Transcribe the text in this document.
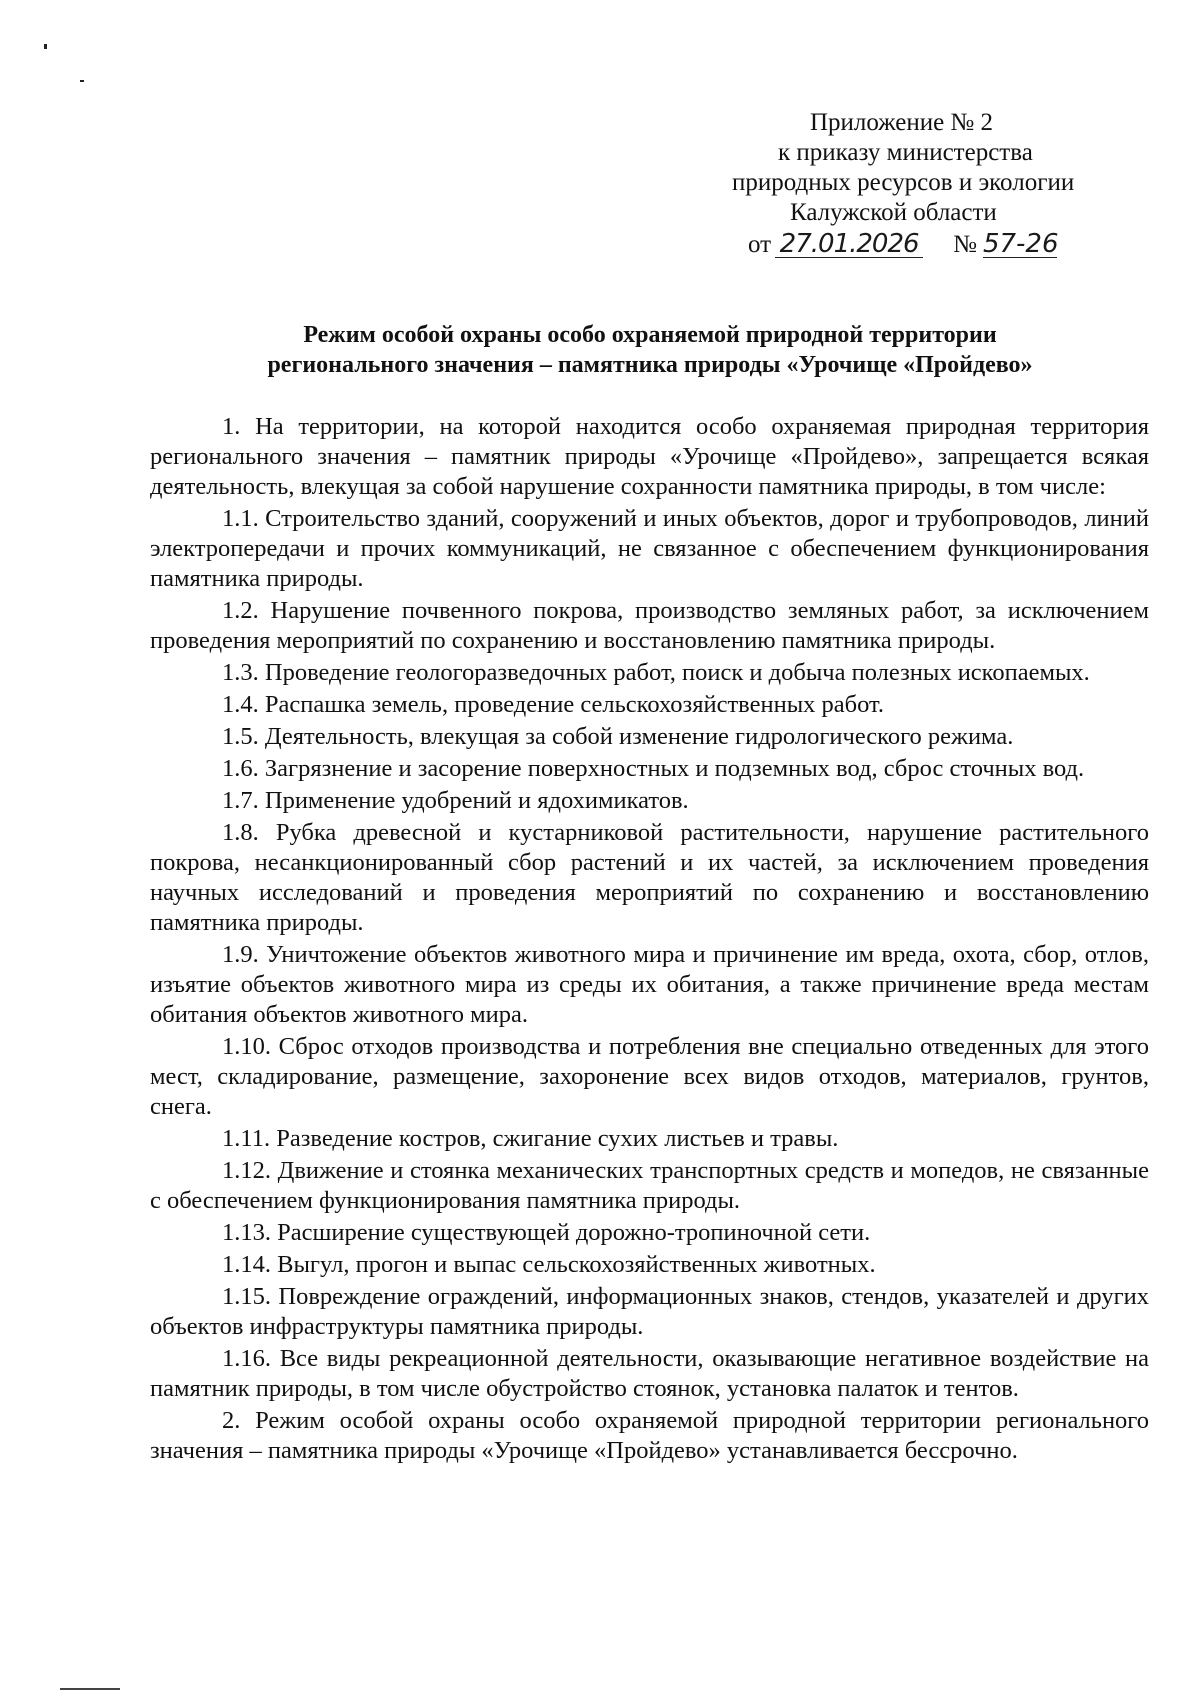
Приложение № 2
к приказу министерства
природных ресурсов и экологии
Калужской области
от 27.01.2026 № 57-26
Режим особой охраны особо охраняемой природной территории
регионального значения – памятника природы «Урочище «Пройдево»

1. На территории, на которой находится особо охраняемая природная территория регионального значения – памятник природы «Урочище «Пройдево», запрещается всякая деятельность, влекущая за собой нарушение сохранности памятника природы, в том числе:

1.1. Строительство зданий, сооружений и иных объектов, дорог и трубопроводов, линий электропередачи и прочих коммуникаций, не связанное с обеспечением функционирования памятника природы.

1.2. Нарушение почвенного покрова, производство земляных работ, за исключением проведения мероприятий по сохранению и восстановлению памятника природы.

1.3. Проведение геологоразведочных работ, поиск и добыча полезных ископаемых.

1.4. Распашка земель, проведение сельскохозяйственных работ.

1.5. Деятельность, влекущая за собой изменение гидрологического режима.

1.6. Загрязнение и засорение поверхностных и подземных вод, сброс сточных вод.

1.7. Применение удобрений и ядохимикатов.

1.8. Рубка древесной и кустарниковой растительности, нарушение растительного покрова, несанкционированный сбор растений и их частей, за исключением проведения научных исследований и проведения мероприятий по сохранению и восстановлению памятника природы.

1.9. Уничтожение объектов животного мира и причинение им вреда, охота, сбор, отлов, изъятие объектов животного мира из среды их обитания, а также причинение вреда местам обитания объектов животного мира.

1.10. Сброс отходов производства и потребления вне специально отведенных для этого мест, складирование, размещение, захоронение всех видов отходов, материалов, грунтов, снега.

1.11. Разведение костров, сжигание сухих листьев и травы.

1.12. Движение и стоянка механических транспортных средств и мопедов, не связанные с обеспечением функционирования памятника природы.

1.13. Расширение существующей дорожно-тропиночной сети.

1.14. Выгул, прогон и выпас сельскохозяйственных животных.

1.15. Повреждение ограждений, информационных знаков, стендов, указателей и других объектов инфраструктуры памятника природы.

1.16. Все виды рекреационной деятельности, оказывающие негативное воздействие на памятник природы, в том числе обустройство стоянок, установка палаток и тентов.

2. Режим особой охраны особо охраняемой природной территории регионального значения – памятника природы «Урочище «Пройдево» устанавливается бессрочно.
